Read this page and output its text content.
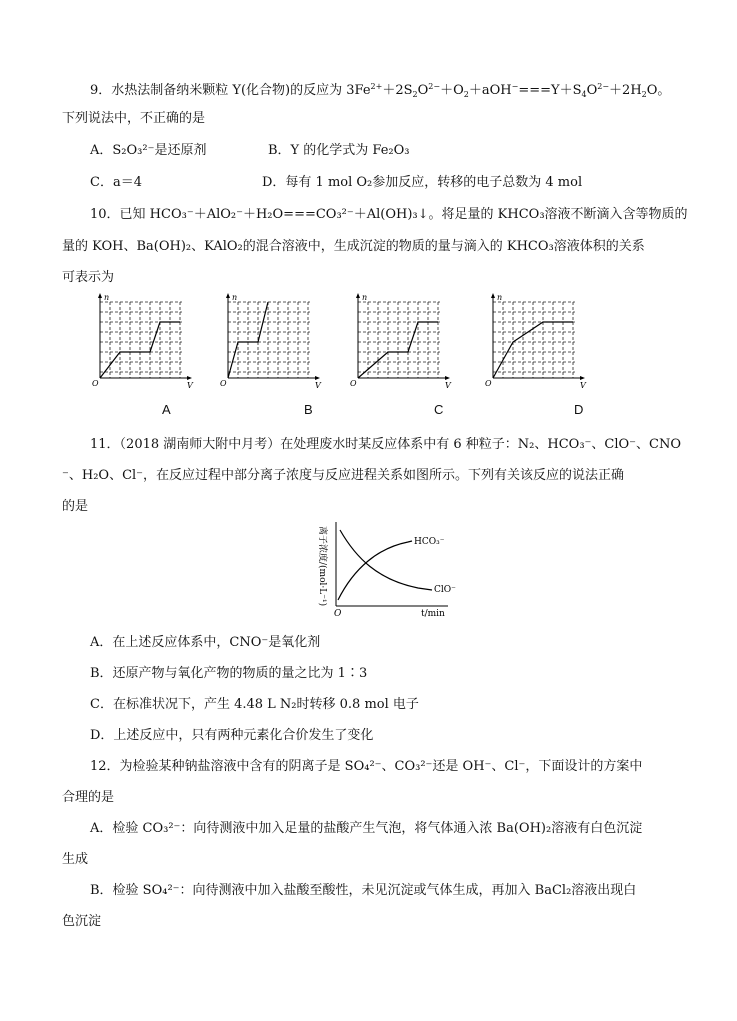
9．水热法制备纳米颗粒 Y(化合物)的反应为 $3Fe^{2+}+2S_2O^{2-}+O_2+aOH^-===Y+S_4O^{2-}+2H_2O$。
下列说法中，不正确的是
A．S₂O₃²⁻是还原剂	B．Y 的化学式为 Fe₂O₃
C．a＝4	D．每有 1 mol O₂参加反应，转移的电子总数为 4 mol
10．已知 HCO₃⁻＋AlO₂⁻＋H₂O===CO₃²⁻＋Al(OH)₃↓。将足量的 KHCO₃溶液不断滴入含等物质的
量的 KOH、Ba(OH)₂、KAlO₂的混合溶液中，生成沉淀的物质的量与滴入的 KHCO₃溶液体积的关系
可表示为
n
V
O
A
n
V
O
B
n
V
O
C
n
V
O
D
11．（2018 湖南师大附中月考）在处理废水时某反应体系中有 6 种粒子：N₂、HCO₃⁻、ClO⁻、CNO
⁻、H₂O、Cl⁻，在反应过程中部分离子浓度与反应进程关系如图所示。下列有关该反应的说法正确
的是
离子浓度/(mol·L⁻¹)	HCO₃⁻
ClO⁻
O	t/min
A．在上述反应体系中，CNO⁻是氧化剂
B．还原产物与氧化产物的物质的量之比为 1∶3
C．在标准状况下，产生 4.48 L N₂时转移 0.8 mol 电子
D．上述反应中，只有两种元素化合价发生了变化
12．为检验某种钠盐溶液中含有的阴离子是 SO₄²⁻、CO₃²⁻还是 OH⁻、Cl⁻，下面设计的方案中
合理的是
A．检验 CO₃²⁻：向待测液中加入足量的盐酸产生气泡，将气体通入浓 Ba(OH)₂溶液有白色沉淀
生成
B．检验 SO₄²⁻：向待测液中加入盐酸至酸性，未见沉淀或气体生成，再加入 BaCl₂溶液出现白
色沉淀
